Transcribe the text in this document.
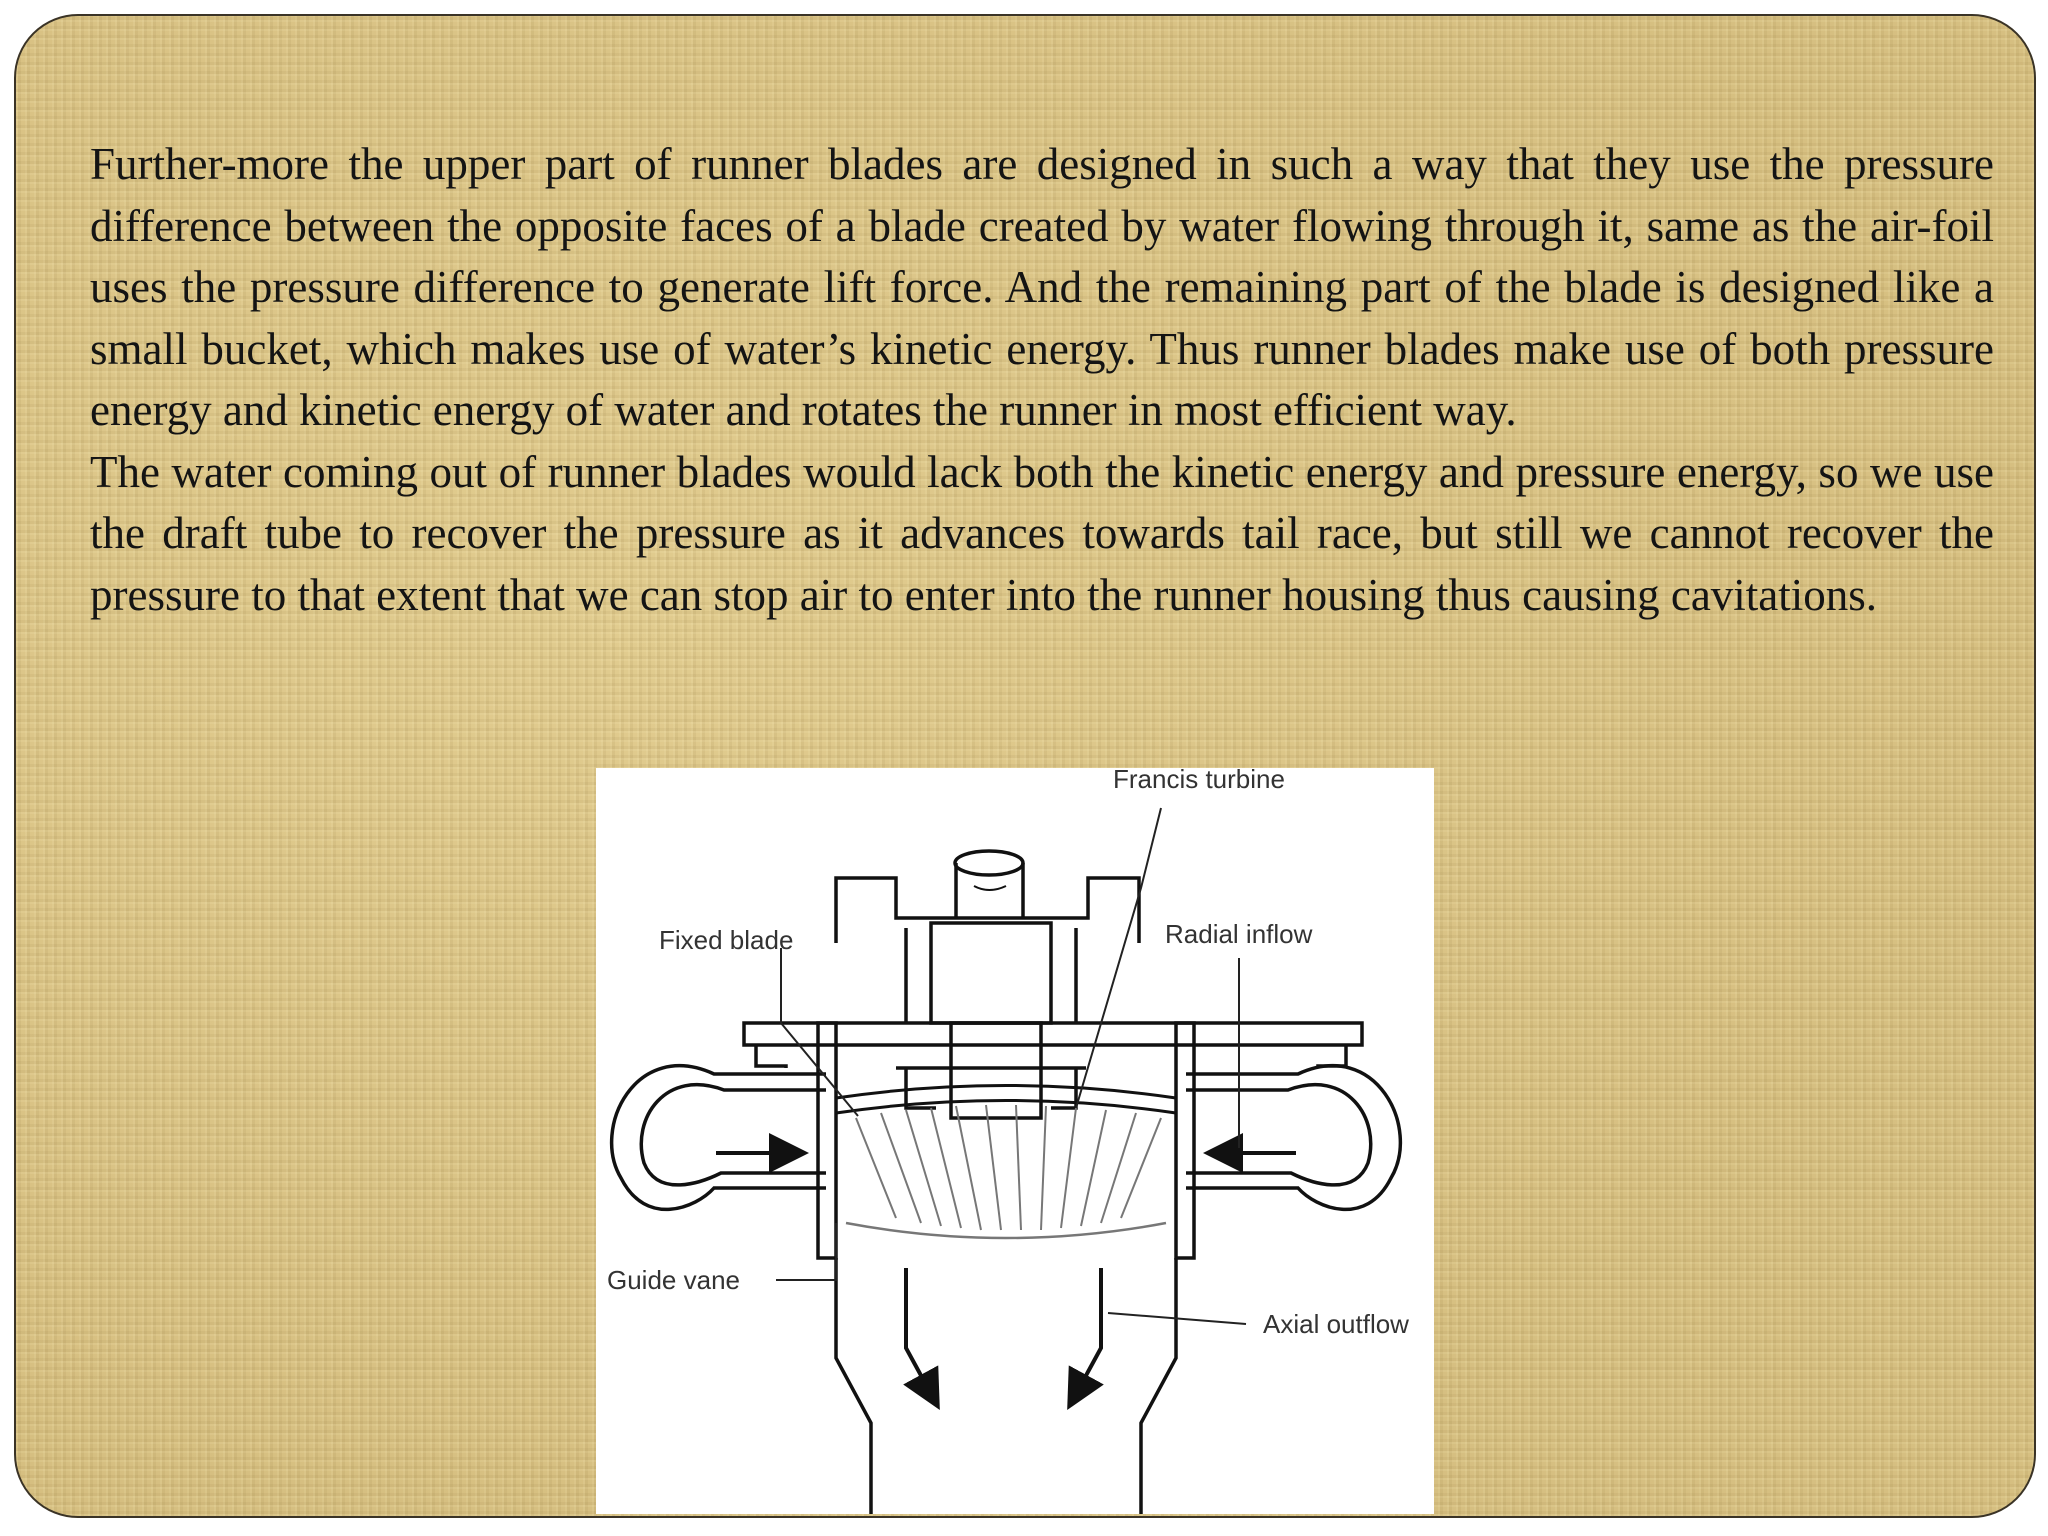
Further-more the upper part of runner blades are designed in such a way that they use the pressure difference between the opposite faces of a blade created by water flowing through it, same as the air-foil uses the pressure difference to generate lift force. And the remaining part of the blade is designed like a small bucket, which makes use of water’s kinetic energy. Thus runner blades make use of both pressure energy and kinetic energy of water and rotates the runner in most efficient way.

The water coming out of runner blades would lack both the kinetic energy and pressure energy, so we use the draft tube to recover the pressure as it advances towards tail race, but still we cannot recover the pressure to that extent that we can stop air to enter into the runner housing thus causing cavitations.

Francis turbine
Fixed blade	Radial inflow
Guide vane
Axial outflow
